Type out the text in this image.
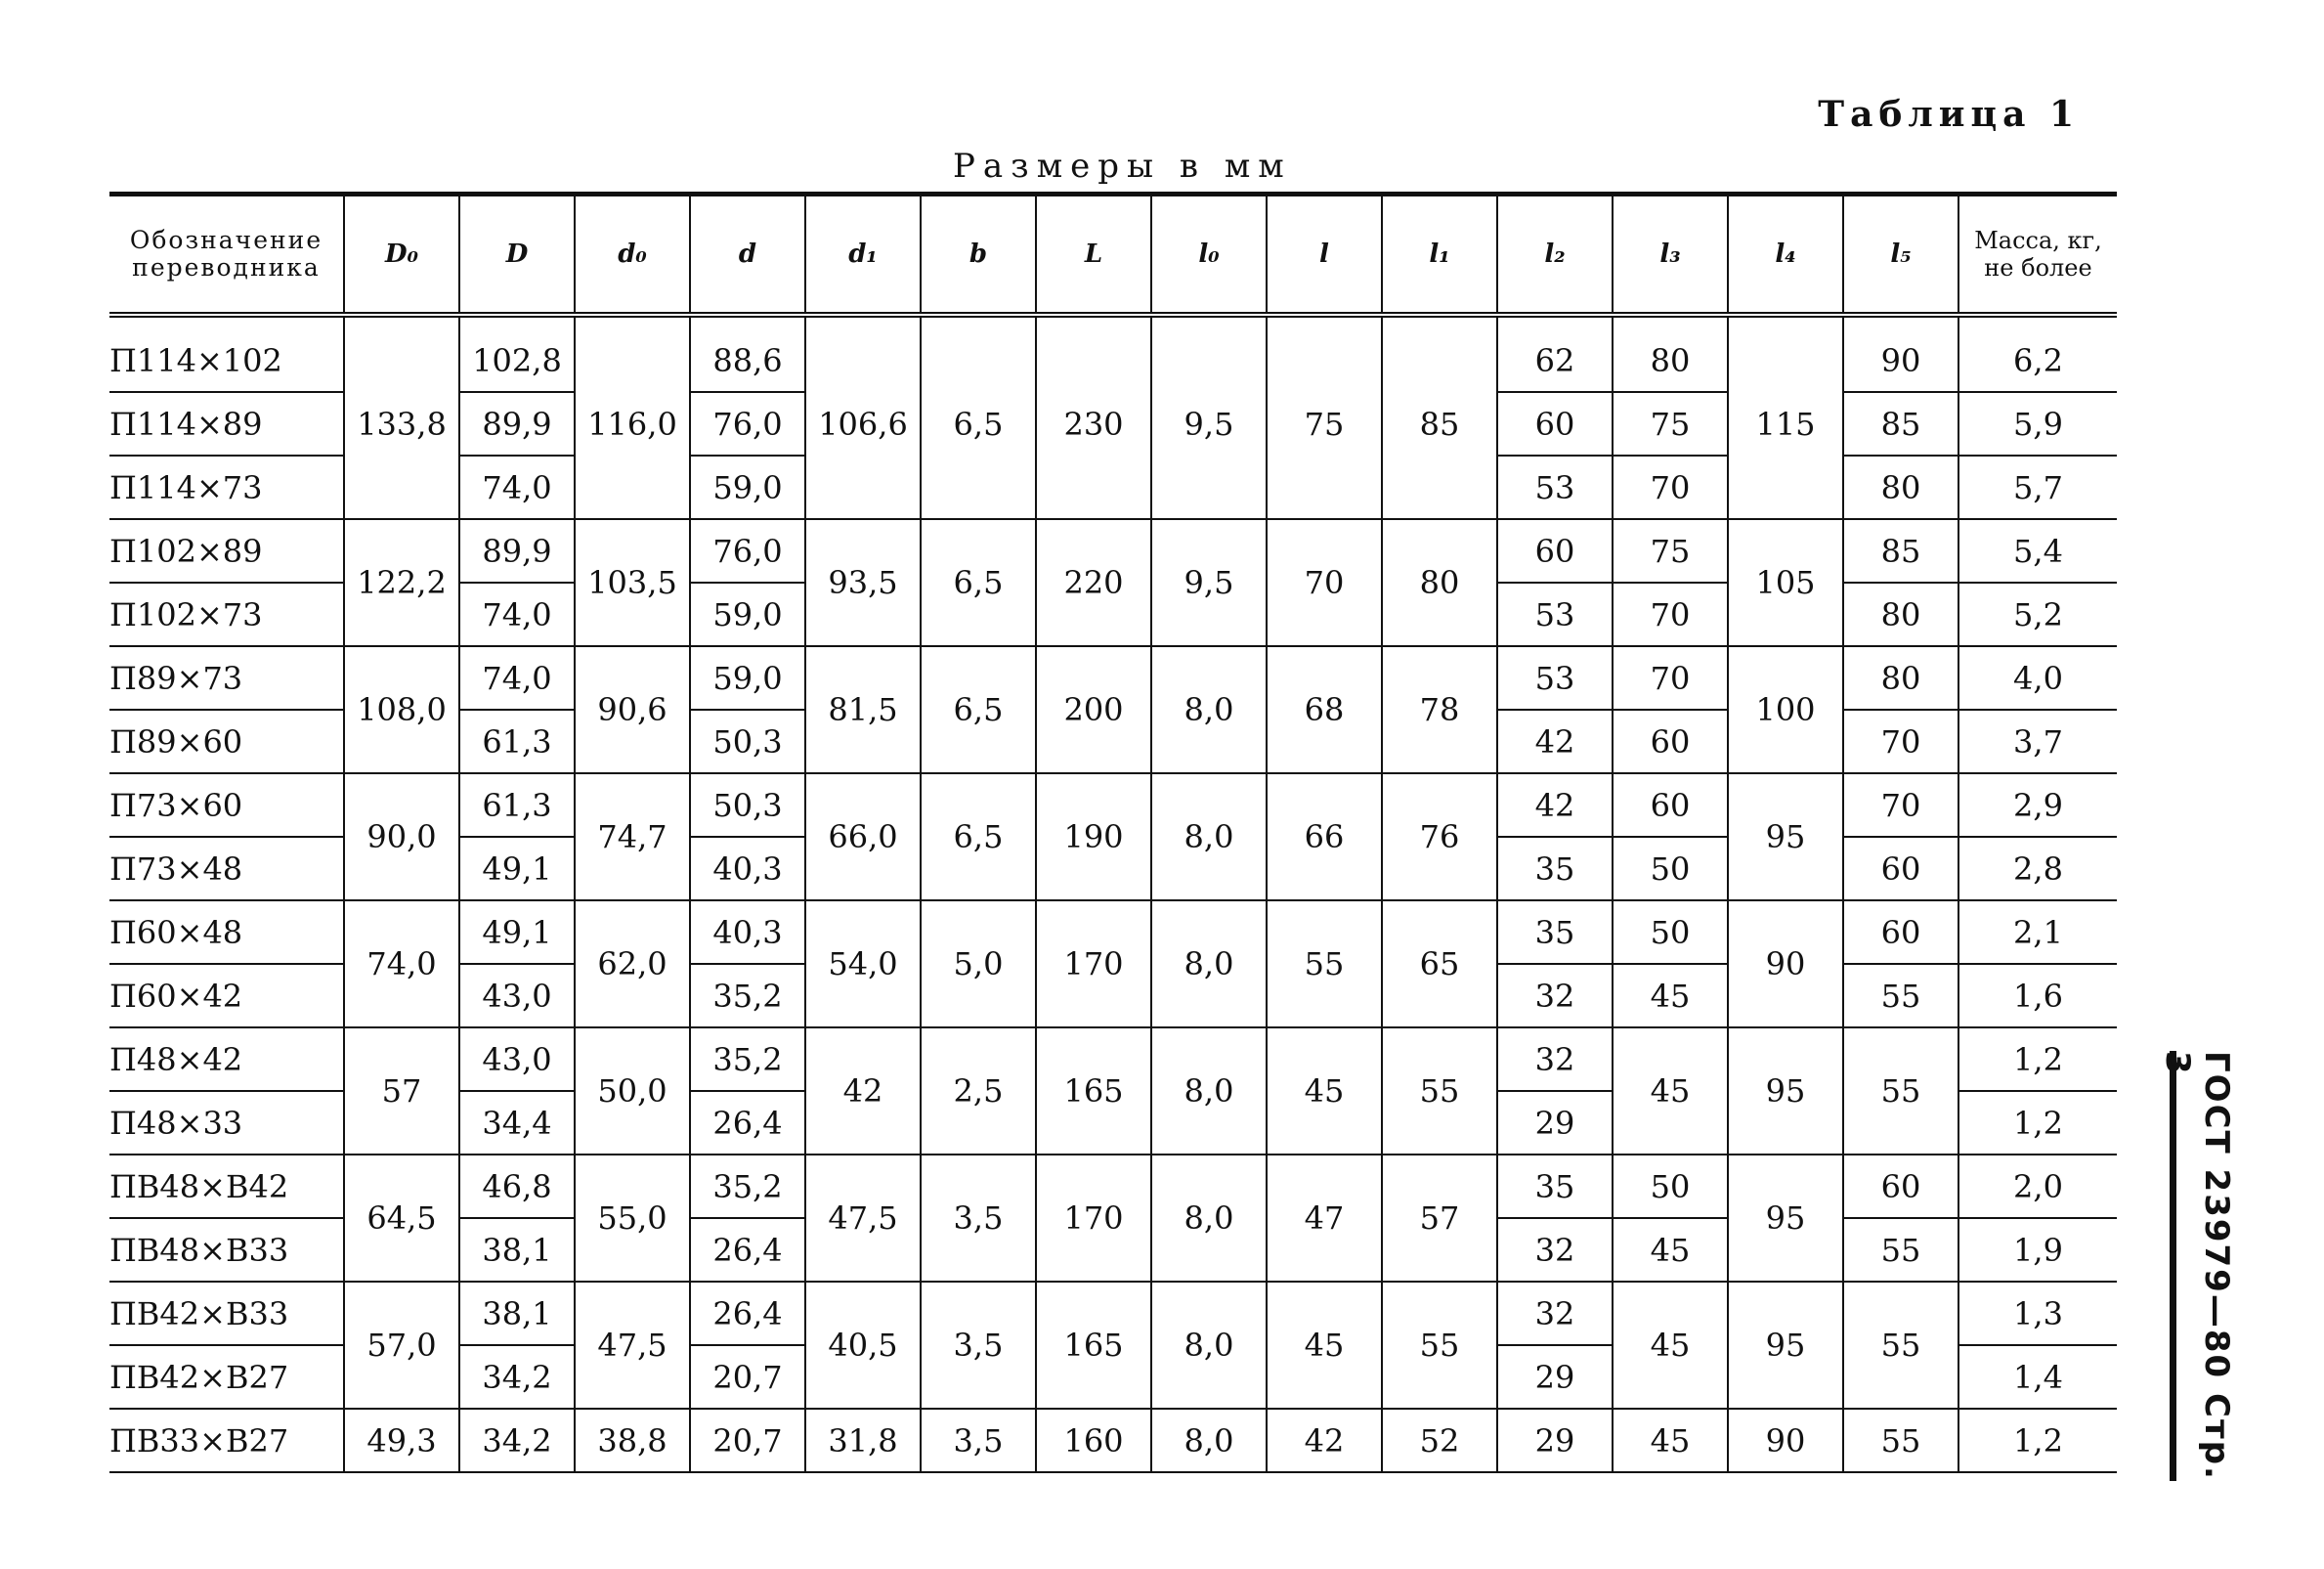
Таблица 1
Размеры в мм
ГОСТ 23979—80 Стр. 3
Обозначение переводника	D₀	D	d₀	d	d₁	b	L	l₀	l	l₁	l₂	l₃	l₄	l₅	Масса, кг, не более
П114×102	133,8	102,8	116,0	88,6	106,6	6,5	230	9,5	75	85	62	80	115	90	6,2
П114×89		89,9		76,0							60	75		85	5,9
П114×73		74,0		59,0							53	70		80	5,7
П102×89	122,2	89,9	103,5	76,0	93,5	6,5	220	9,5	70	80	60	75	105	85	5,4
П102×73		74,0		59,0							53	70		80	5,2
П89×73	108,0	74,0	90,6	59,0	81,5	6,5	200	8,0	68	78	53	70	100	80	4,0
П89×60		61,3		50,3							42	60		70	3,7
П73×60	90,0	61,3	74,7	50,3	66,0	6,5	190	8,0	66	76	42	60	95	70	2,9
П73×48		49,1		40,3							35	50		60	2,8
П60×48	74,0	49,1	62,0	40,3	54,0	5,0	170	8,0	55	65	35	50	90	60	2,1
П60×42		43,0		35,2							32	45		55	1,6
П48×42	57	43,0	50,0	35,2	42	2,5	165	8,0	45	55	32	45	95	55	1,2
П48×33		34,4		26,4							29				1,2
ПВ48×В42	64,5	46,8	55,0	35,2	47,5	3,5	170	8,0	47	57	35	50	95	60	2,0
ПВ48×В33		38,1		26,4							32	45		55	1,9
ПВ42×В33	57,0	38,1	47,5	26,4	40,5	3,5	165	8,0	45	55	32	45	95	55	1,3
ПВ42×В27		34,2		20,7							29				1,4
ПВ33×В27	49,3	34,2	38,8	20,7	31,8	3,5	160	8,0	42	52	29	45	90	55	1,2
